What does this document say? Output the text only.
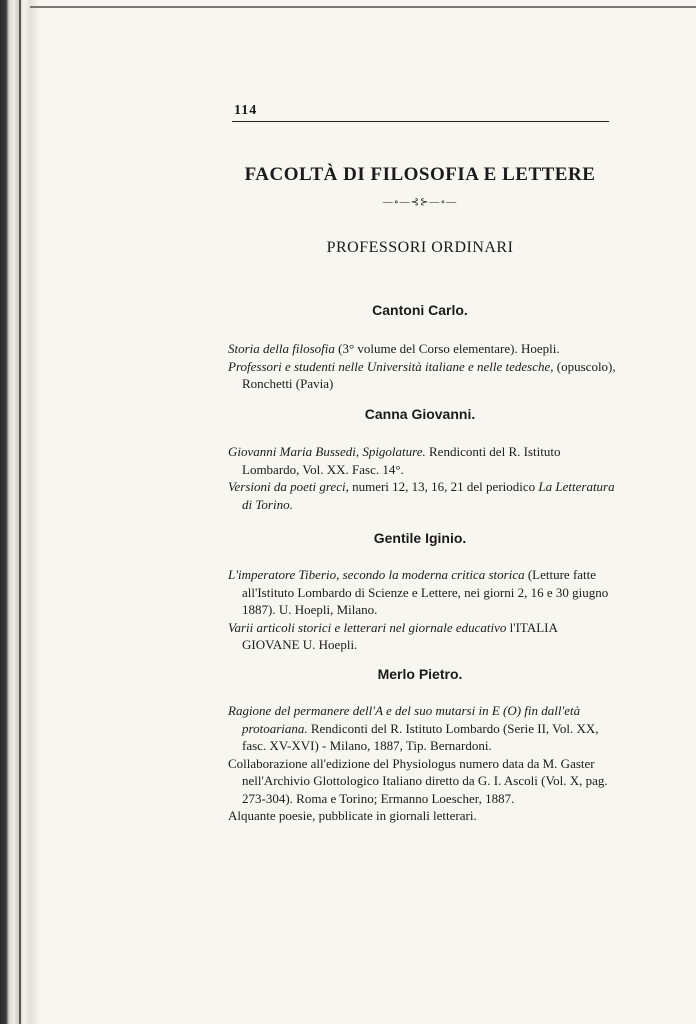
114
FACOLTÀ DI FILOSOFIA E LETTERE
—∘—⊰⊱—∘—
PROFESSORI ORDINARI
Cantoni Carlo.

Storia della filosofia (3° volume del Corso elementare). Hoepli.

Professori e studenti nelle Università italiane e nelle tedesche, (opuscolo), Ronchetti (Pavia)

Canna Giovanni.

Giovanni Maria Bussedi, Spigolature. Rendiconti del R. Istituto Lombardo, Vol. XX. Fasc. 14°.

Versioni da poeti greci, numeri 12, 13, 16, 21 del periodico La Letteratura di Torino.

Gentile Iginio.

L'imperatore Tiberio, secondo la moderna critica storica (Letture fatte all'Istituto Lombardo di Scienze e Lettere, nei giorni 2, 16 e 30 giugno 1887). U. Hoepli, Milano.

Varii articoli storici e letterari nel giornale educativo l'ITALIA GIOVANE U. Hoepli.

Merlo Pietro.

Ragione del permanere dell'A e del suo mutarsi in E (O) fin dall'età protoariana. Rendiconti del R. Istituto Lombardo (Serie II, Vol. XX, fasc. XV-XVI) - Milano, 1887, Tip. Bernardoni.

Collaborazione all'edizione del Physiologus numero data da M. Gaster nell'Archivio Glottologico Italiano diretto da G. I. Ascoli (Vol. X, pag. 273-304). Roma e Torino; Ermanno Loescher, 1887.

Alquante poesie, pubblicate in giornali letterari.
